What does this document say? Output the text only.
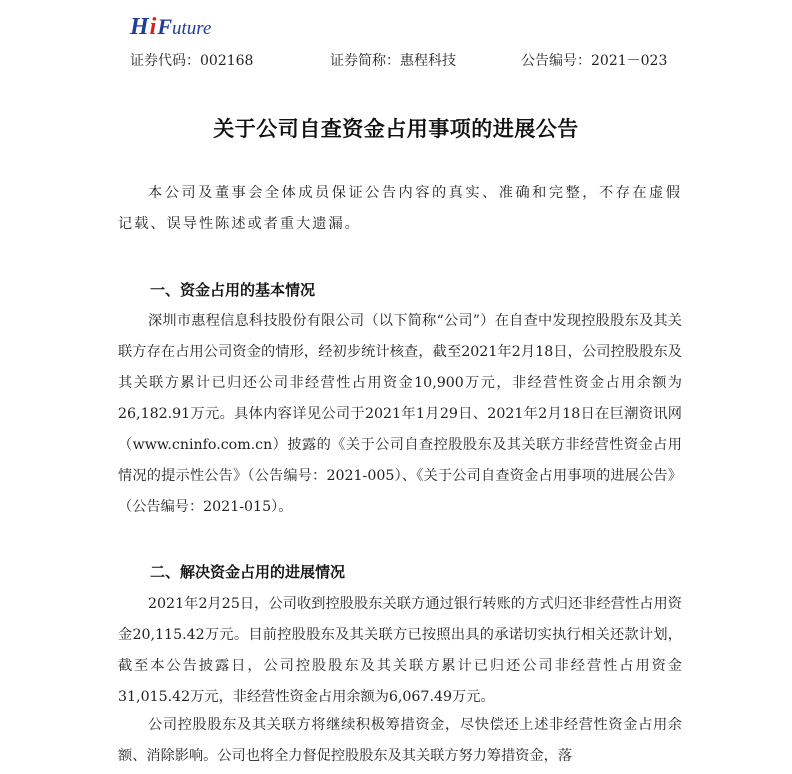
H i F uture
证券代码：002168	证券简称：惠程科技	公告编号：2021－023
关于公司自查资金占用事项的进展公告
本公司及董事会全体成员保证公告内容的真实、准确和完整，不存在虚假记载、误导性陈述或者重大遗漏。
一、资金占用的基本情况
深圳市惠程信息科技股份有限公司（以下简称“公司”）在自查中发现控股股东及其关联方存在占用公司资金的情形，经初步统计核查，截至2021年2月18日，公司控股股东及其关联方累计已归还公司非经营性占用资金10,900万元，非经营性资金占用余额为26,182.91万元。具体内容详见公司于2021年1月29日、2021年2月18日在巨潮资讯网（www.cninfo.com.cn）披露的《关于公司自查控股股东及其关联方非经营性资金占用情况的提示性公告》（公告编号：2021-005）、《关于公司自查资金占用事项的进展公告》（公告编号：2021-015）。
二、解决资金占用的进展情况
2021年2月25日，公司收到控股股东关联方通过银行转账的方式归还非经营性占用资金20,115.42万元。目前控股股东及其关联方已按照出具的承诺切实执行相关还款计划，截至本公告披露日，公司控股股东及其关联方累计已归还公司非经营性占用资金31,015.42万元，非经营性资金占用余额为6,067.49万元。
公司控股股东及其关联方将继续积极筹措资金，尽快偿还上述非经营性资金占用余额、消除影响。公司也将全力督促控股股东及其关联方努力筹措资金，落
